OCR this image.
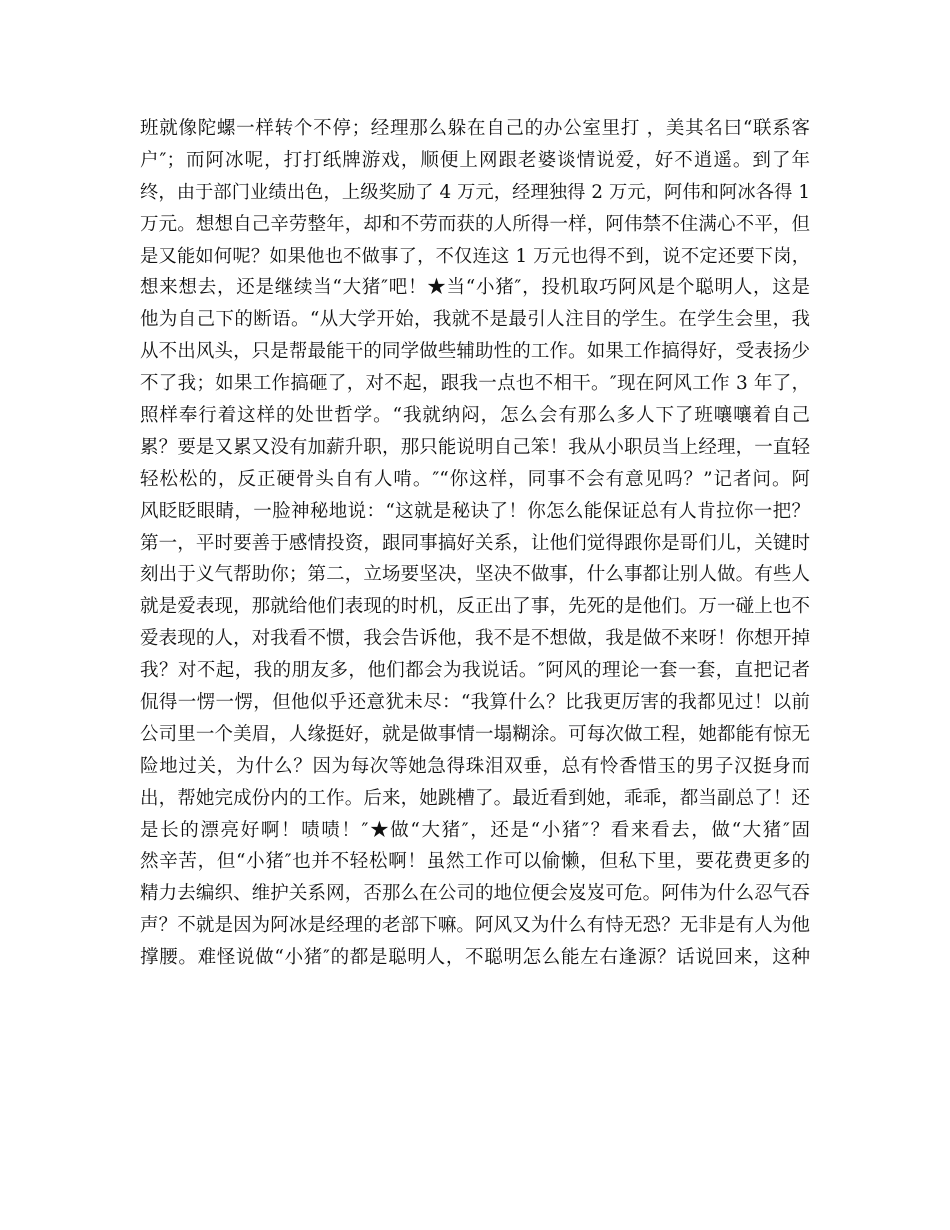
班就像陀螺一样转个不停；经理那么躲在自己的办公室里打 ，美其名曰“联系客
户″；而阿冰呢，打打纸牌游戏，顺便上网跟老婆谈情说爱，好不逍遥。到了年
终，由于部门业绩出色，上级奖励了 4 万元，经理独得 2 万元，阿伟和阿冰各得 1
万元。想想自己辛劳整年，却和不劳而获的人所得一样，阿伟禁不住满心不平，但
是又能如何呢？如果他也不做事了，不仅连这 1 万元也得不到，说不定还要下岗，
想来想去，还是继续当“大猪″吧！★当“小猪″，投机取巧阿风是个聪明人，这是
他为自己下的断语。“从大学开始，我就不是最引人注目的学生。在学生会里，我
从不出风头，只是帮最能干的同学做些辅助性的工作。如果工作搞得好，受表扬少
不了我；如果工作搞砸了，对不起，跟我一点也不相干。″现在阿风工作 3 年了，
照样奉行着这样的处世哲学。“我就纳闷，怎么会有那么多人下了班嚷嚷着自己
累？要是又累又没有加薪升职，那只能说明自己笨！我从小职员当上经理，一直轻
轻松松的，反正硬骨头自有人啃。″“你这样，同事不会有意见吗？”记者问。阿
风眨眨眼睛，一脸神秘地说：“这就是秘诀了！你怎么能保证总有人肯拉你一把？
第一，平时要善于感情投资，跟同事搞好关系，让他们觉得跟你是哥们儿，关键时
刻出于义气帮助你；第二，立场要坚决，坚决不做事，什么事都让别人做。有些人
就是爱表现，那就给他们表现的时机，反正出了事，先死的是他们。万一碰上也不
爱表现的人，对我看不惯，我会告诉他，我不是不想做，我是做不来呀！你想开掉
我？对不起，我的朋友多，他们都会为我说话。″阿风的理论一套一套，直把记者
侃得一愣一愣，但他似乎还意犹未尽：“我算什么？比我更厉害的我都见过！以前
公司里一个美眉，人缘挺好，就是做事情一塌糊涂。可每次做工程，她都能有惊无
险地过关，为什么？因为每次等她急得珠泪双垂，总有怜香惜玉的男子汉挺身而
出，帮她完成份内的工作。后来，她跳槽了。最近看到她，乖乖，都当副总了！还
是长的漂亮好啊！啧啧！″★做“大猪″，还是“小猪″？看来看去，做“大猪″固
然辛苦，但“小猪″也并不轻松啊！虽然工作可以偷懒，但私下里，要花费更多的
精力去编织、维护关系网，否那么在公司的地位便会岌岌可危。阿伟为什么忍气吞
声？不就是因为阿冰是经理的老部下嘛。阿风又为什么有恃无恐？无非是有人为他
撑腰。难怪说做“小猪″的都是聪明人，不聪明怎么能左右逢源？话说回来，这种
